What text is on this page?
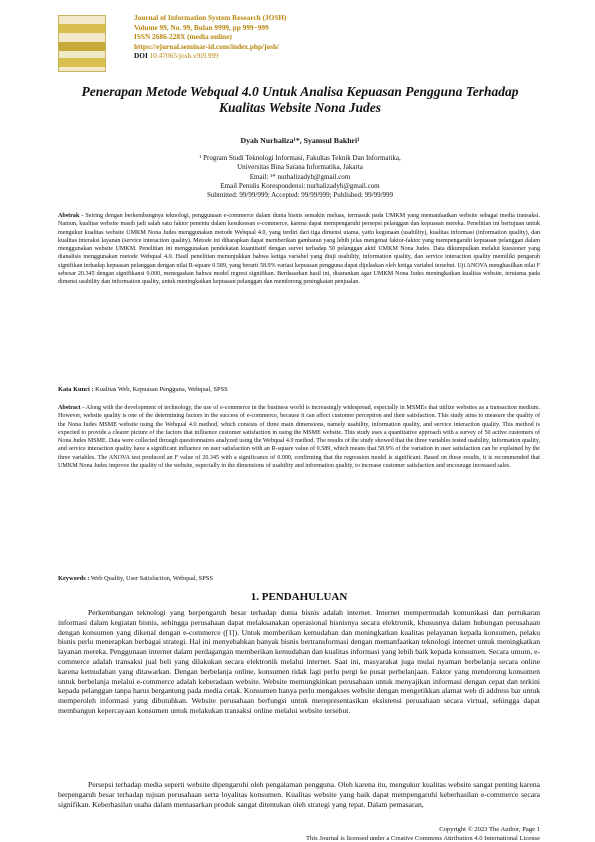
Journal of Information System Research (JOSH)
Volume 99, No. 99, Bulan 9999, pp 999−999
ISSN 2686-228X (media online)
https://ejurnal.seminar-id.com/index.php/josh/
DOI 10.47065/josh.v9i9.999
Penerapan Metode Webqual 4.0 Untuk Analisa Kepuasan Pengguna Terhadap Kualitas Website Nona Judes
Dyah Nurhaliza¹*, Syamsul Bakhri¹
¹ Program Studi Teknologi Informasi, Fakultas Teknik Dan Informatika,
Universitas Bina Sarana Informatika, Jakarta
Email: ¹* nurhalizadyh@gmail.com
Email Penulis Korespondensi: nurhalizadyh@gmail.com
Submitted: 99/99/999; Accepted: 99/99/999; Published: 99/99/999
Abstrak - Seiring dengan berkembangnya teknologi, penggunaan e-commerce dalam dunia bisnis semakin meluas, termasuk pada UMKM yang memanfaatkan website sebagai media transaksi. Namun, kualitas website masih jadi salah satu faktor penentu dalam kesuksesan e-commerce, karena dapat mempengaruhi persepsi pelanggan dan kepuasan mereka. Penelitian ini bertujuan untuk mengukur kualitas website UMKM Nona Judes menggunakan metode Webqual 4.0, yang terdiri dari tiga dimensi utama, yaitu kegunaan (usability), kualitas informasi (information quality), dan kualitas interaksi layanan (service interaction quality). Metode ini diharapkan dapat memberikan gambaran yang lebih jelas mengenai faktor-faktor yang mempengaruhi kepuasan pelanggan dalam menggunakan website UMKM. Penelitian ini menggunakan pendekatan kuantitatif dengan survei terhadap 50 pelanggan aktif UMKM Nona Judes. Data dikumpulkan melalui kuesioner yang dianalisis menggunakan metode Webqual 4.0. Hasil penelitian menunjukkan bahwa ketiga variabel yang diuji usability, information quality, dan service interaction quality memiliki pengaruh signifikan terhadap kepuasan pelanggan dengan nilai R-square 0.589, yang berarti 58.9% variasi kepuasan pengguna dapat dijelaskan oleh ketiga variabel tersebut. Uji ANOVA menghasilkan nilai F sebesar 20.345 dengan signifikansi 0.000, menegaskan bahwa model regresi signifikan. Berdasarkan hasil ini, disarankan agar UMKM Nona Judes meningkatkan kualitas website, terutama pada dimensi usability dan information quality, untuk meningkatkan kepuasan pelanggan dan mendorong peningkatan penjualan.
Kata Kunci : Kualitas Web, Kepuasan Pengguna, Webqual, SPSS
Abstract - Along with the development of technology, the use of e-commerce in the business world is increasingly widespread, especially in MSMEs that utilize websites as a transaction medium. However, website quality is one of the determining factors in the success of e-commerce, because it can affect customer perception and their satisfaction. This study aims to measure the quality of the Nona Judes MSME website using the Webqual 4.0 method, which consists of three main dimensions, namely usability, information quality, and service interaction quality. This method is expected to provide a clearer picture of the factors that influence customer satisfaction in using the MSME website. This study uses a quantitative approach with a survey of 50 active customers of Nona Judes MSME. Data were collected through questionnaires analyzed using the Webqual 4.0 method. The results of the study showed that the three variables tested usability, information quality, and service interaction quality have a significant influence on user satisfaction with an R-square value of 0.589, which means that 58.9% of the variation in user satisfaction can be explained by the three variables. The ANOVA test produced an F value of 20.345 with a significance of 0.000, confirming that the regression model is significant. Based on these results, it is recommended that UMKM Nona Judes improve the quality of the website, especially in the dimensions of usability and information quality, to increase customer satisfaction and encourage increased sales.
Keywords : Web Quality, User Satisfaction, Webqual, SPSS
1. PENDAHULUAN
Perkembangan teknologi yang berpengaruh besar terhadap dunia bisnis adalah internet. Internet mempermudah komunikasi dan pertukaran informasi dalam kegiatan bisnis, sehingga perusahaan dapat melaksanakan operasional bisnisnya secara elektronik, khususnya dalam hubungan perusahaan dengan konsumen yang dikenal dengan e-commerce ([1]). Untuk memberikan kemudahan dan meningkatkan kualitas pelayanan kepada konsumen, pelaku bisnis perlu menerapkan berbagai strategi. Hal ini menyebabkan banyak bisnis bertransformasi dengan memanfaatkan teknologi internet untuk meningkatkan layanan mereka. Penggunaan internet dalam perdagangan memberikan kemudahan dan kualitas informasi yang lebih baik kepada konsumen. Secara umum, e-commerce adalah transaksi jual beli yang dilakukan secara elektronik melalui internet. Saat ini, masyarakat juga mulai nyaman berbelanja secara online karena kemudahan yang ditawarkan. Dengan berbelanja online, konsumen tidak lagi perlu pergi ke pusat perbelanjaan. Faktor yang mendorong konsumen untuk berbelanja melalui e-commerce adalah keberadaan website. Website memungkinkan perusahaan untuk menyajikan informasi dengan cepat dan terkini kepada pelanggan tanpa harus bergantung pada media cetak. Konsumen hanya perlu mengakses website dengan mengetikkan alamat web di address bar untuk memperoleh informasi yang dibutuhkan. Website perusahaan berfungsi untuk merepresentasikan eksistensi perusahaan secara virtual, sehingga dapat membangun kepercayaan konsumen untuk melakukan transaksi online melalui website tersebut.
Persepsi terhadap media seperti website dipengaruhi oleh pengalaman pengguna. Oleh karena itu, mengukur kualitas website sangat penting karena berpengaruh besar terhadap tujuan perusahaan serta loyalitas konsumen. Kualitas website yang baik dapat mempengaruhi keberhasilan e-commerce secara signifikan. Keberhasilan usaha dalam memasarkan produk sangat ditentukan oleh strategi yang tepat. Dalam pemasaran,
Copyright © 2023 The Author, Page 1
This Journal is licensed under a Creative Commons Attribution 4.0 International License
